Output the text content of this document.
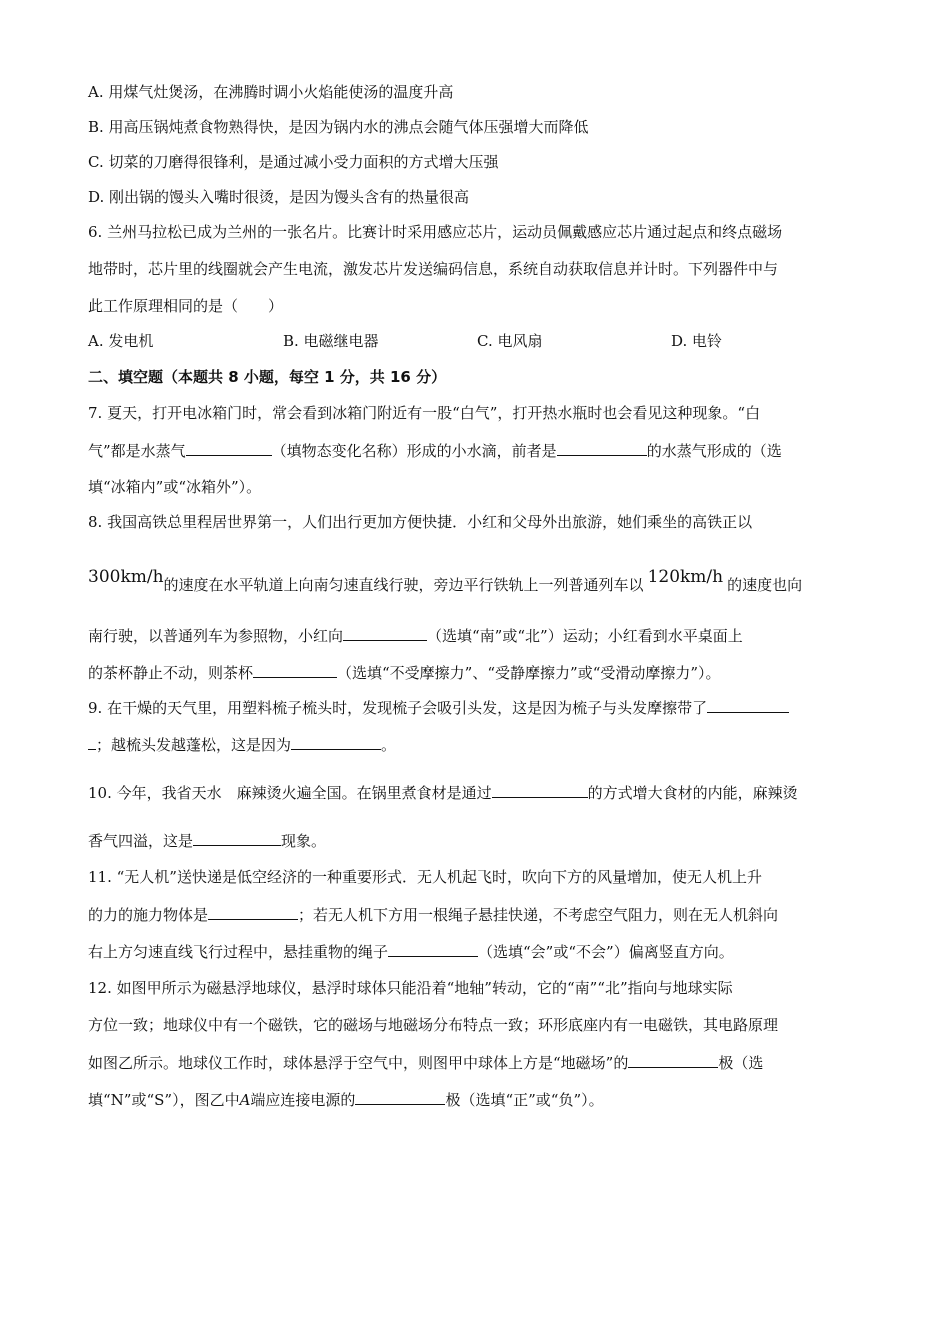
A. 用煤气灶煲汤，在沸腾时调小火焰能使汤的温度升高
B. 用高压锅炖煮食物熟得快，是因为锅内水的沸点会随气体压强增大而降低
C. 切菜的刀磨得很锋利，是通过减小受力面积的方式增大压强
D. 刚出锅的馒头入嘴时很烫，是因为馒头含有的热量很高
6. 兰州马拉松已成为兰州的一张名片。比赛计时采用感应芯片，运动员佩戴感应芯片通过起点和终点磁场
地带时，芯片里的线圈就会产生电流，激发芯片发送编码信息，系统自动获取信息并计时。下列器件中与
此工作原理相同的是（　　）
A. 发电机	B. 电磁继电器	C. 电风扇	D. 电铃
二、填空题（本题共 8 小题，每空 1 分，共 16 分）
7. 夏天，打开电冰箱门时，常会看到冰箱门附近有一股“白气”，打开热水瓶时也会看见这种现象。“白
气”都是水蒸气	（填物态变化名称）形成的小水滴，前者是	的水蒸气形成的（选
填“冰箱内”或“冰箱外”）。
8. 我国高铁总里程居世界第一，人们出行更加方便快捷．小红和父母外出旅游，她们乘坐的高铁正以
300km/h的速度在水平轨道上向南匀速直线行驶，旁边平行铁轨上一列普通列车以 120km/h 的速度也向
南行驶，以普通列车为参照物，小红向	（选填“南”或“北”）运动；小红看到水平桌面上
的茶杯静止不动，则茶杯	（选填“不受摩擦力”、“受静摩擦力”或“受滑动摩擦力”）。
9. 在干燥的天气里，用塑料梳子梳头时，发现梳子会吸引头发，这是因为梳子与头发摩擦带了
；越梳头发越蓬松，这是因为	。
10. 今年，我省天水　麻辣烫火遍全国。在锅里煮食材是通过	的方式增大食材的内能，麻辣烫
香气四溢，这是	现象。
11. “无人机”送快递是低空经济的一种重要形式．无人机起飞时，吹向下方的风量增加，使无人机上升
的力的施力物体是	；若无人机下方用一根绳子悬挂快递，不考虑空气阻力，则在无人机斜向
右上方匀速直线飞行过程中，悬挂重物的绳子	（选填“会”或“不会”）偏离竖直方向。
12. 如图甲所示为磁悬浮地球仪，悬浮时球体只能沿着“地轴”转动，它的“南”“北”指向与地球实际
方位一致；地球仪中有一个磁铁，它的磁场与地磁场分布特点一致；环形底座内有一电磁铁，其电路原理
如图乙所示。地球仪工作时，球体悬浮于空气中，则图甲中球体上方是“地磁场”的	极（选
填“N”或“S”），图乙中A端应连接电源的	极（选填“正”或“负”）。
